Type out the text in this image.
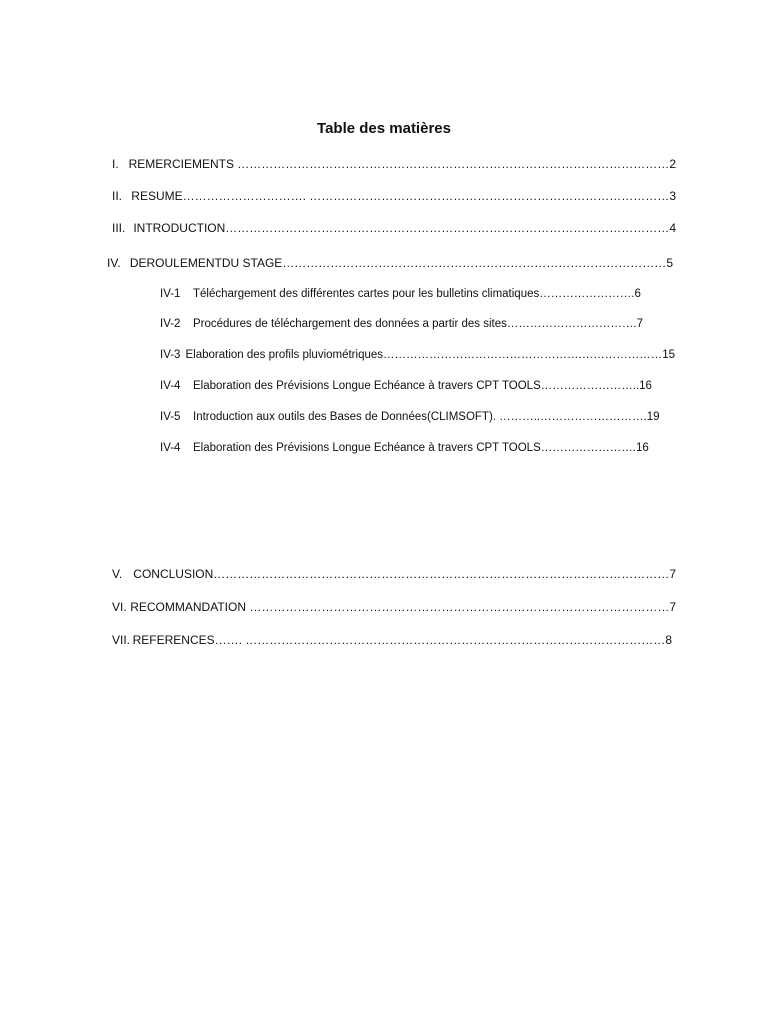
Table des matières
I. REMERCIEMENTS ……………………………………………………………………………………………… 2
II. RESUME…………………………. ……………………………………………………………………………… 3
III. INTRODUCTION………………………………………………………………………………………………… 4
IV. DEROULEMENTDU STAGE…………………………………………………………………………………… 5
IV-1	Téléchargement des différentes cartes pour les bulletins climatiques……………………. 6
IV-2	Procédures de téléchargement des données a partir des sites……………………………. 7
IV-3 Elaboration des profils pluviométriques…………………………………………….………………… 15
IV-4	Elaboration des Prévisions Longue Echéance à travers CPT TOOLS…………………….. 16
IV-5	Introduction aux outils des Bases de Données(CLIMSOFT). ………..………………………. 19
IV-4	Elaboration des Prévisions Longue Echéance à travers CPT TOOLS……………………. 16
V. CONCLUSION…………………………………………………………………………………………………… 7
VI. RECOMMANDATION …………………………………………………………………………………………… 7
VII. REFERENCES……. …………………………………………………………………………………………… 8
